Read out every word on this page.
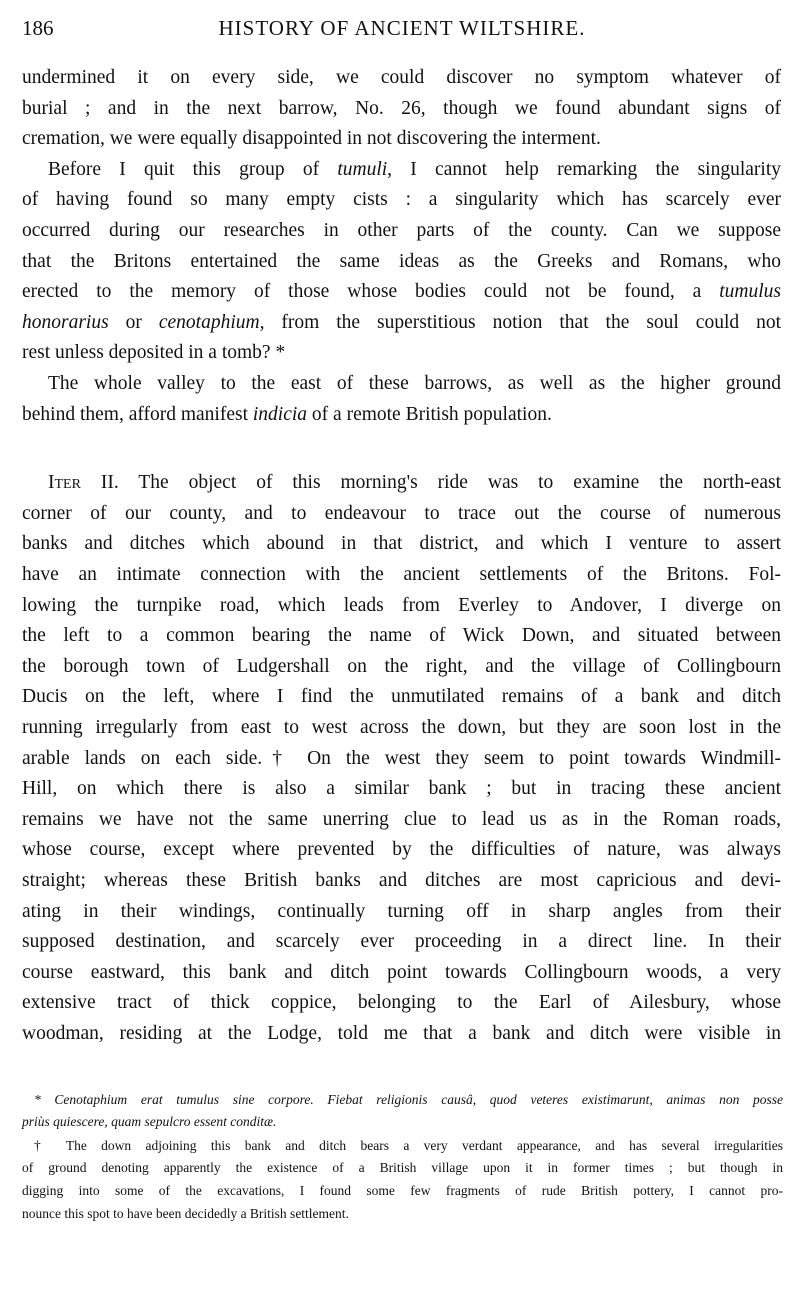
186	HISTORY OF ANCIENT WILTSHIRE.
undermined it on every side, we could discover no symptom whatever of
burial ; and in the next barrow, No. 26, though we found abundant signs of
cremation, we were equally disappointed in not discovering the interment.
Before I quit this group of tumuli, I cannot help remarking the singularity
of having found so many empty cists : a singularity which has scarcely ever
occurred during our researches in other parts of the county. Can we suppose
that the Britons entertained the same ideas as the Greeks and Romans, who
erected to the memory of those whose bodies could not be found, a tumulus
honorarius or cenotaphium, from the superstitious notion that the soul could not
rest unless deposited in a tomb? *
The whole valley to the east of these barrows, as well as the higher ground
behind them, afford manifest indicia of a remote British population.
Iter II. The object of this morning's ride was to examine the north-east
corner of our county, and to endeavour to trace out the course of numerous
banks and ditches which abound in that district, and which I venture to assert
have an intimate connection with the ancient settlements of the Britons. Fol-
lowing the turnpike road, which leads from Everley to Andover, I diverge on
the left to a common bearing the name of Wick Down, and situated between
the borough town of Ludgershall on the right, and the village of Collingbourn
Ducis on the left, where I find the unmutilated remains of a bank and ditch
running irregularly from east to west across the down, but they are soon lost in the
arable lands on each side.† On the west they seem to point towards Windmill-
Hill, on which there is also a similar bank ; but in tracing these ancient
remains we have not the same unerring clue to lead us as in the Roman roads,
whose course, except where prevented by the difficulties of nature, was always
straight; whereas these British banks and ditches are most capricious and devi-
ating in their windings, continually turning off in sharp angles from their
supposed destination, and scarcely ever proceeding in a direct line. In their
course eastward, this bank and ditch point towards Collingbourn woods, a very
extensive tract of thick coppice, belonging to the Earl of Ailesbury, whose
woodman, residing at the Lodge, told me that a bank and ditch were visible in
* Cenotaphium erat tumulus sine corpore. Fiebat religionis causâ, quod veteres existimarunt, animas non posse
priùs quiescere, quam sepulcro essent conditæ.
† The down adjoining this bank and ditch bears a very verdant appearance, and has several irregularities
of ground denoting apparently the existence of a British village upon it in former times ; but though in
digging into some of the excavations, I found some few fragments of rude British pottery, I cannot pro-
nounce this spot to have been decidedly a British settlement.
